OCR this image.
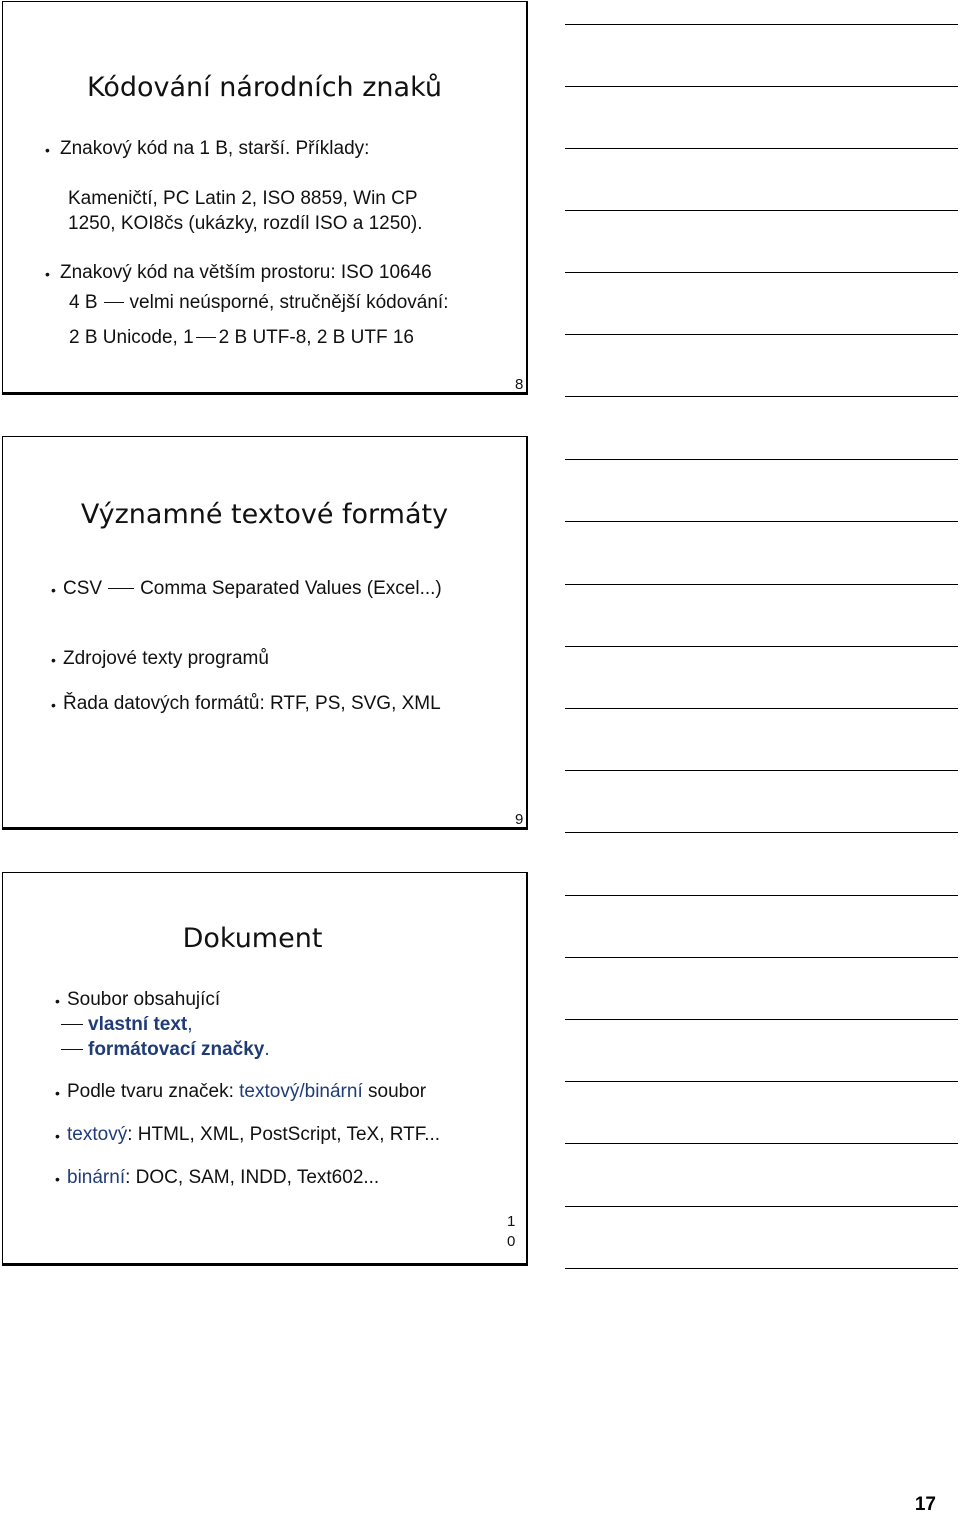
Kódování národních znaků
• Znakový kód na 1 B, starší. Příklady:
Kameničtí, PC Latin 2, ISO 8859, Win CP
1250, KOI8čs (ukázky, rozdíl ISO a 1250).
• Znakový kód na větším prostoru: ISO 10646
4 B velmi neúsporné, stručnější kódování:
2 B Unicode, 1 2 B UTF-8, 2 B UTF 16
8
Významné textové formáty
• CSV Comma Separated Values (Excel...)
• Zdrojové texty programů
• Řada datových formátů: RTF, PS, SVG, XML
9
Dokument
• Soubor obsahující
vlastní text,
formátovací značky.
• Podle tvaru značek: textový/binární soubor
• textový: HTML, XML, PostScript, TeX, RTF...
• binární: DOC, SAM, INDD, Text602...
1
0
17
